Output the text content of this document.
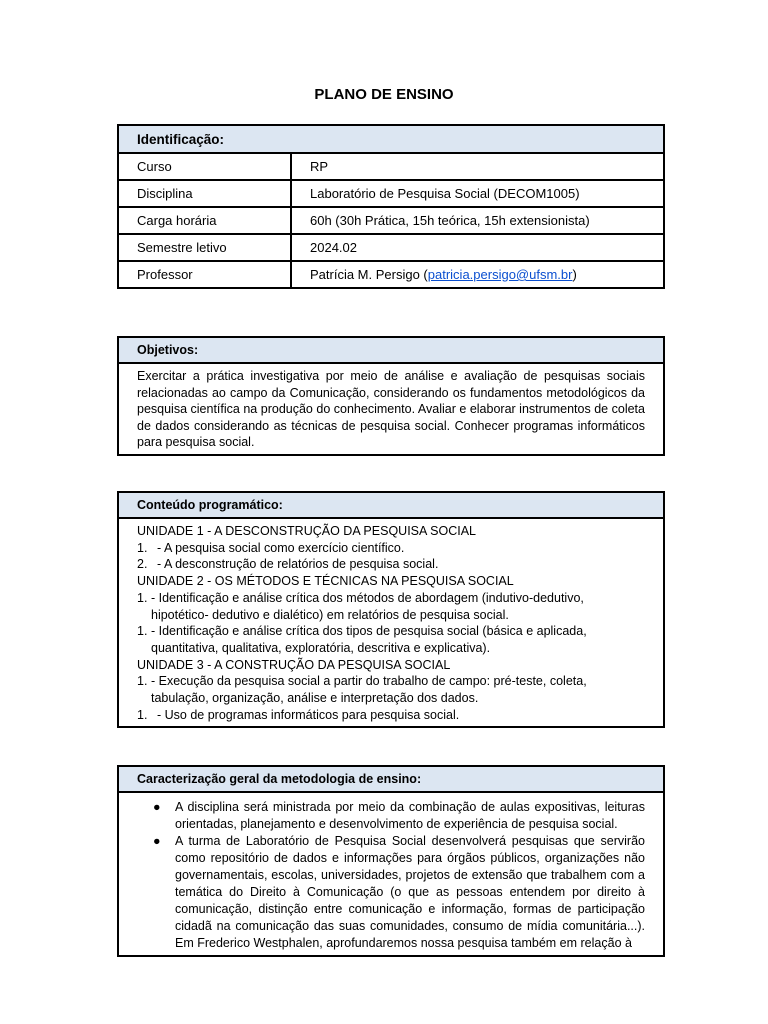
PLANO DE ENSINO
Identificação:	
Curso	RP
Disciplina	Laboratório de Pesquisa Social (DECOM1005)
Carga horária	60h (30h Prática, 15h teórica, 15h extensionista)
Semestre letivo	2024.02
Professor	Patrícia M. Persigo (patricia.persigo@ufsm.br)
Objetivos:
Exercitar a prática investigativa por meio de análise e avaliação de pesquisas sociais relacionadas ao campo da Comunicação, considerando os fundamentos metodológicos da pesquisa científica na produção do conhecimento. Avaliar e elaborar instrumentos de coleta de dados considerando as técnicas de pesquisa social. Conhecer programas informáticos para pesquisa social.
Conteúdo programático:
UNIDADE 1 - A DESCONSTRUÇÃO DA PESQUISA SOCIAL
1. - A pesquisa social como exercício científico.
2. - A desconstrução de relatórios de pesquisa social.
UNIDADE 2 - OS MÉTODOS E TÉCNICAS NA PESQUISA SOCIAL
1. - Identificação e análise crítica dos métodos de abordagem (indutivo-dedutivo, hipotético- dedutivo e dialético) em relatórios de pesquisa social.
1. - Identificação e análise crítica dos tipos de pesquisa social (básica e aplicada, quantitativa, qualitativa, exploratória, descritiva e explicativa).
UNIDADE 3 - A CONSTRUÇÃO DA PESQUISA SOCIAL
1. - Execução da pesquisa social a partir do trabalho de campo: pré-teste, coleta, tabulação, organização, análise e interpretação dos dados.
1. - Uso de programas informáticos para pesquisa social.
Caracterização geral da metodologia de ensino:
●	A disciplina será ministrada por meio da combinação de aulas expositivas, leituras orientadas, planejamento e desenvolvimento de experiência de pesquisa social.
●	A turma de Laboratório de Pesquisa Social desenvolverá pesquisas que servirão como repositório de dados e informações para órgãos públicos, organizações não governamentais, escolas, universidades, projetos de extensão que trabalhem com a temática do Direito à Comunicação (o que as pessoas entendem por direito à comunicação, distinção entre comunicação e informação, formas de participação cidadã na comunicação das suas comunidades, consumo de mídia comunitária...). Em Frederico Westphalen, aprofundaremos nossa pesquisa também em relação à
